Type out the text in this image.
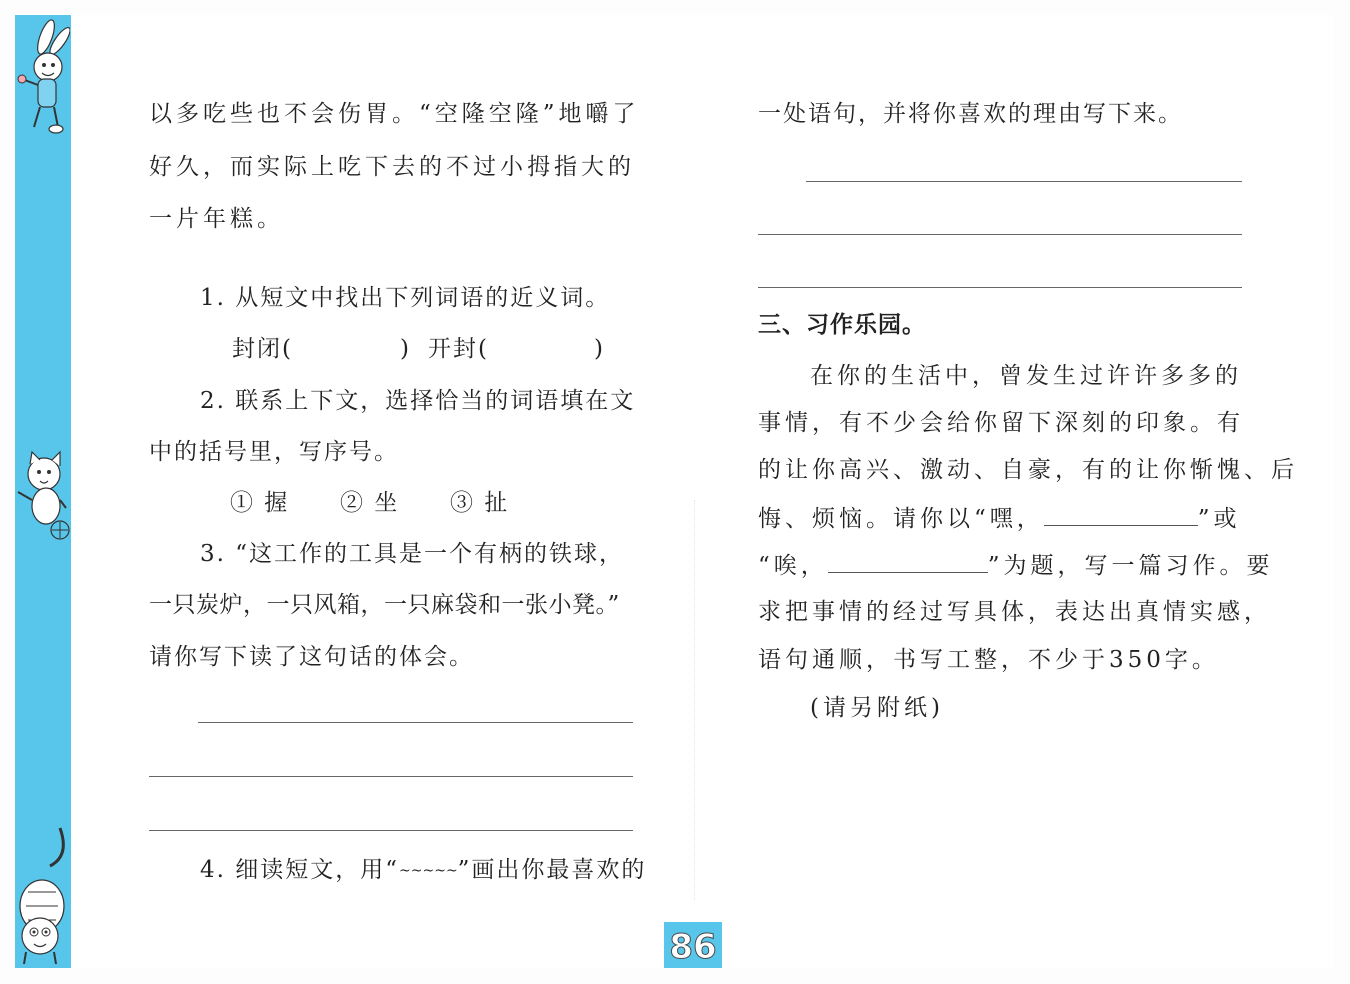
以多吃些也不会伤胃。“空隆空隆”地嚼了
好久，而实际上吃下去的不过小拇指大的
一片年糕。
1. 从短文中找出下列词语的近义词。
封闭(	) 开封(	)
2. 联系上下文，选择恰当的词语填在文
中的括号里，写序号。
① 握 ② 坐 ③ 扯
3. “这工作的工具是一个有柄的铁球，
一只炭炉，一只风箱，一只麻袋和一张小凳。”
请你写下读了这句话的体会。
4. 细读短文，用“~~~~~”画出你最喜欢的
一处语句，并将你喜欢的理由写下来。
三、习作乐园。
在你的生活中，曾发生过许许多多的
事情，有不少会给你留下深刻的印象。有
的让你高兴、激动、自豪，有的让你惭愧、后
悔、烦恼。请你以“嘿，	”或
“唉，	”为题，写一篇习作。要
求把事情的经过写具体，表达出真情实感，
语句通顺，书写工整，不少于350字。
(请另附纸)
86
